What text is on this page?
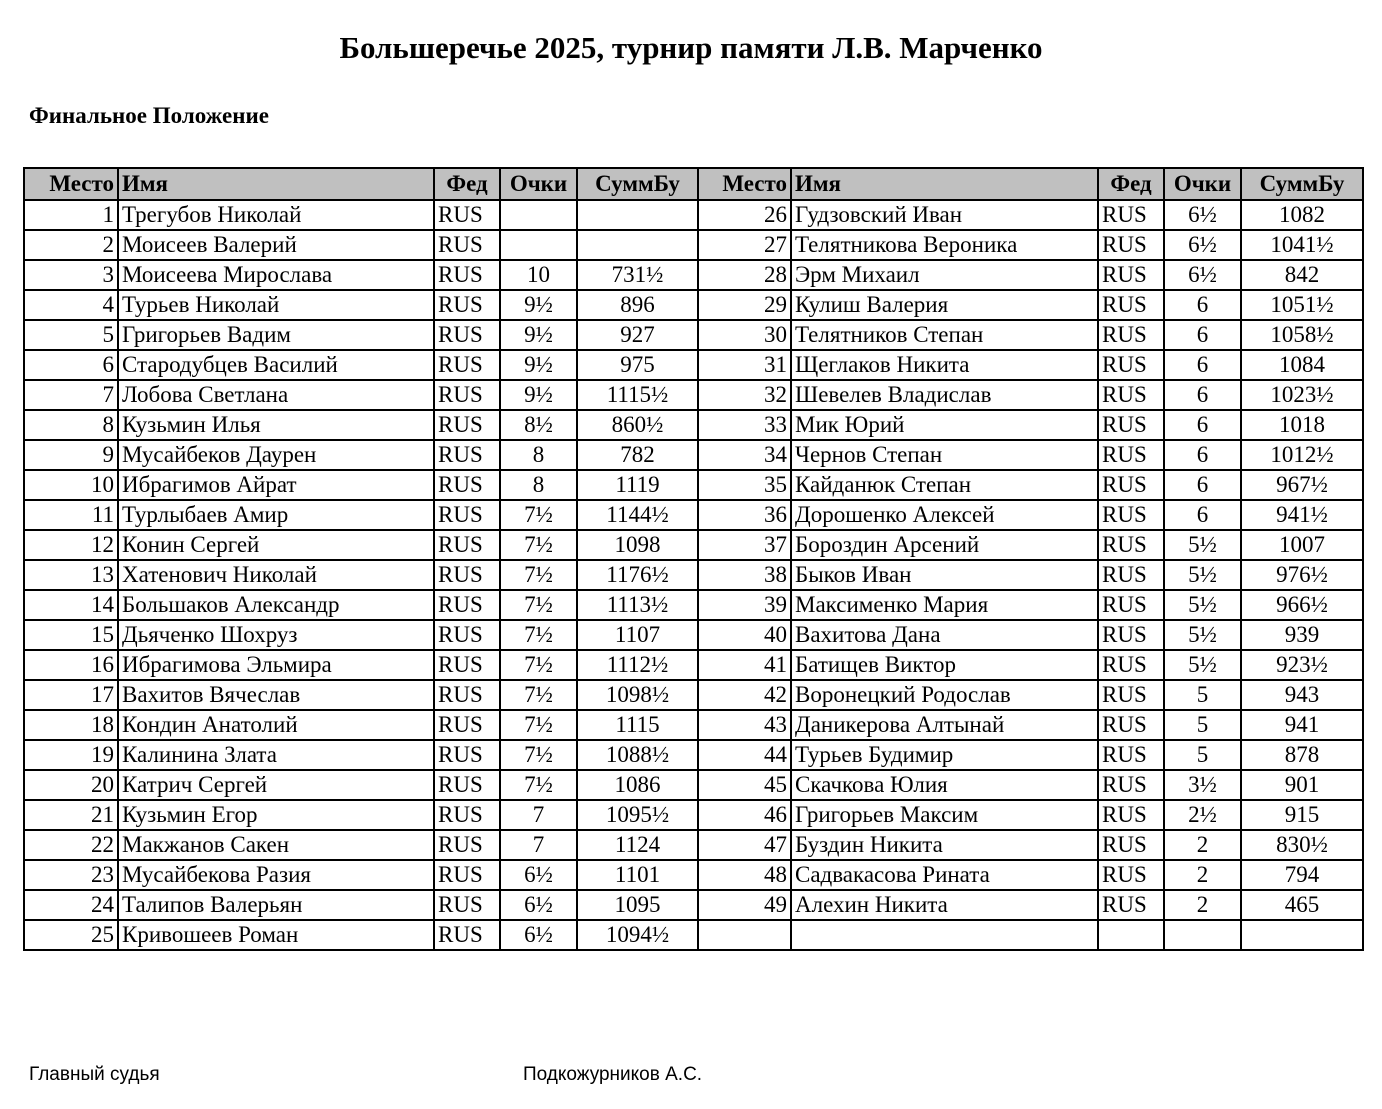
Большеречье 2025, турнир памяти Л.В. Марченко
Финальное Положение
Место	Имя	Фед	Очки	СуммБу	Место	Имя	Фед	Очки	СуммБу
1	Трегубов Николай	RUS			26	Гудзовский Иван	RUS	6½	1082
2	Моисеев Валерий	RUS			27	Телятникова Вероника	RUS	6½	1041½
3	Моисеева Мирослава	RUS	10	731½	28	Эрм Михаил	RUS	6½	842
4	Турьев Николай	RUS	9½	896	29	Кулиш Валерия	RUS	6	1051½
5	Григорьев Вадим	RUS	9½	927	30	Телятников Степан	RUS	6	1058½
6	Стародубцев Василий	RUS	9½	975	31	Щеглаков Никита	RUS	6	1084
7	Лобова Светлана	RUS	9½	1115½	32	Шевелев Владислав	RUS	6	1023½
8	Кузьмин Илья	RUS	8½	860½	33	Мик Юрий	RUS	6	1018
9	Мусайбеков Даурен	RUS	8	782	34	Чернов Степан	RUS	6	1012½
10	Ибрагимов Айрат	RUS	8	1119	35	Кайданюк Степан	RUS	6	967½
11	Турлыбаев Амир	RUS	7½	1144½	36	Дорошенко Алексей	RUS	6	941½
12	Конин Сергей	RUS	7½	1098	37	Бороздин Арсений	RUS	5½	1007
13	Хатенович Николай	RUS	7½	1176½	38	Быков Иван	RUS	5½	976½
14	Большаков Александр	RUS	7½	1113½	39	Максименко Мария	RUS	5½	966½
15	Дьяченко Шохруз	RUS	7½	1107	40	Вахитова Дана	RUS	5½	939
16	Ибрагимова Эльмира	RUS	7½	1112½	41	Батищев Виктор	RUS	5½	923½
17	Вахитов Вячеслав	RUS	7½	1098½	42	Воронецкий Родослав	RUS	5	943
18	Кондин Анатолий	RUS	7½	1115	43	Даникерова Алтынай	RUS	5	941
19	Калинина Злата	RUS	7½	1088½	44	Турьев Будимир	RUS	5	878
20	Катрич Сергей	RUS	7½	1086	45	Скачкова Юлия	RUS	3½	901
21	Кузьмин Егор	RUS	7	1095½	46	Григорьев Максим	RUS	2½	915
22	Макжанов Сакен	RUS	7	1124	47	Буздин Никита	RUS	2	830½
23	Мусайбекова Разия	RUS	6½	1101	48	Садвакасова Рината	RUS	2	794
24	Талипов Валерьян	RUS	6½	1095	49	Алехин Никита	RUS	2	465
25	Кривошеев Роман	RUS	6½	1094½					
Главный судья	Подкожурников А.С.
